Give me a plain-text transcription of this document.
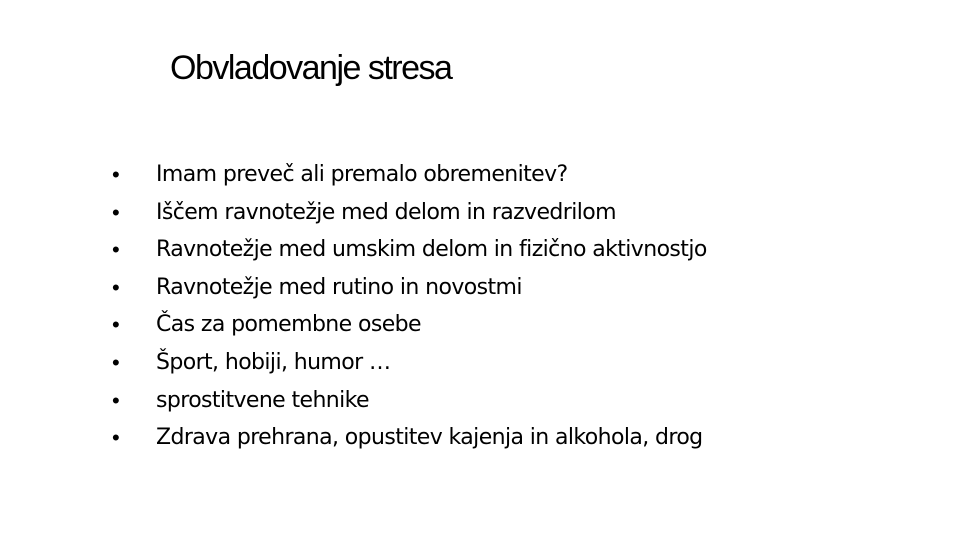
Obvladovanje stresa
• Imam preveč ali premalo obremenitev?
• Iščem ravnotežje med delom in razvedrilom
• Ravnotežje med umskim delom in fizično aktivnostjo
• Ravnotežje med rutino in novostmi
• Čas za pomembne osebe
• Šport, hobiji, humor …
• sprostitvene tehnike
• Zdrava prehrana, opustitev kajenja in alkohola, drog
